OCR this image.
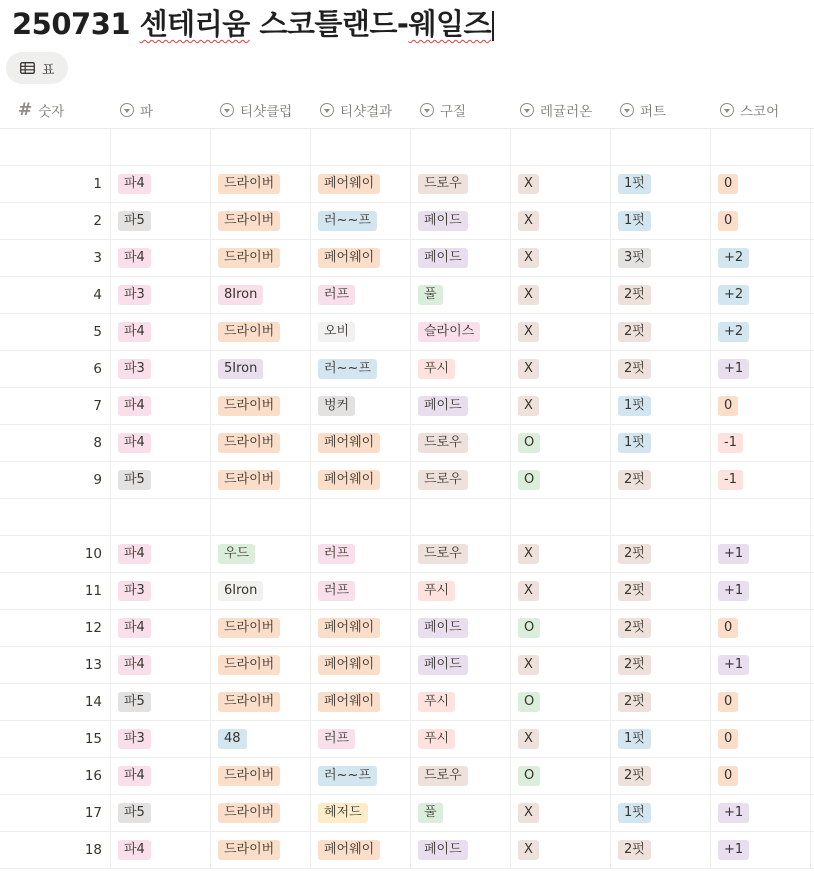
250731 센테리움 스코틀랜드-웨일즈
표
# 숫자	파	티샷클럽	티샷결과	구질	레귤러온	퍼트	스코어
1	파4	드라이버	페어웨이	드로우	X	1펏	0
2	파5	드라이버	러~~프	페이드	X	1펏	0
3	파4	드라이버	페어웨이	페이드	X	3펏	+2
4	파3	8Iron	러프	풀	X	2펏	+2
5	파4	드라이버	오비	슬라이스	X	2펏	+2
6	파3	5Iron	러~~프	푸시	X	2펏	+1
7	파4	드라이버	벙커	페이드	X	1펏	0
8	파4	드라이버	페어웨이	드로우	O	1펏	-1
9	파5	드라이버	페어웨이	드로우	O	2펏	-1
10	파4	우드	러프	드로우	X	2펏	+1
11	파3	6Iron	러프	푸시	X	2펏	+1
12	파4	드라이버	페어웨이	페이드	O	2펏	0
13	파4	드라이버	페어웨이	페이드	X	2펏	+1
14	파5	드라이버	페어웨이	푸시	O	2펏	0
15	파3	48	러프	푸시	X	1펏	0
16	파4	드라이버	러~~프	드로우	O	2펏	0
17	파5	드라이버	헤저드	풀	X	1펏	+1
18	파4	드라이버	페어웨이	페이드	X	2펏	+1
